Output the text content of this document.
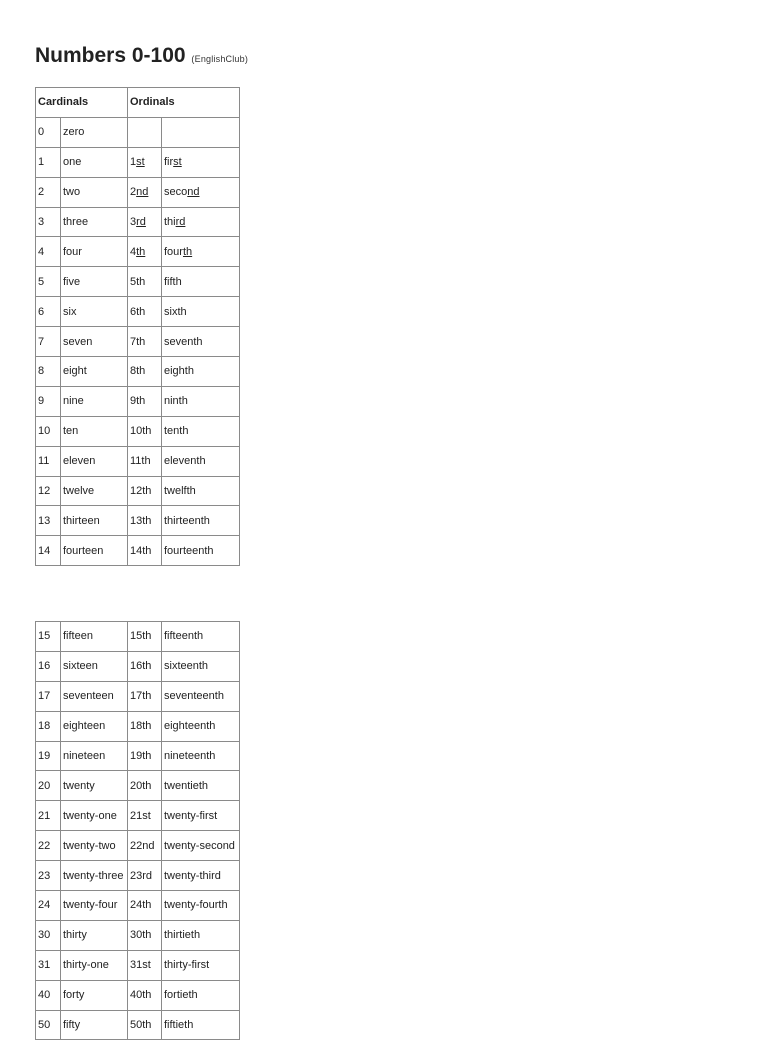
Numbers 0-100 (EnglishClub)
Cardinals		Ordinals	
0	zero		
1	one	1st	first
2	two	2nd	second
3	three	3rd	third
4	four	4th	fourth
5	five	5th	fifth
6	six	6th	sixth
7	seven	7th	seventh
8	eight	8th	eighth
9	nine	9th	ninth
10	ten	10th	tenth
11	eleven	11th	eleventh
12	twelve	12th	twelfth
13	thirteen	13th	thirteenth
14	fourteen	14th	fourteenth
15	fifteen	15th	fifteenth
16	sixteen	16th	sixteenth
17	seventeen	17th	seventeenth
18	eighteen	18th	eighteenth
19	nineteen	19th	nineteenth
20	twenty	20th	twentieth
21	twenty-one	21st	twenty-first
22	twenty-two	22nd	twenty-second
23	twenty-three	23rd	twenty-third
24	twenty-four	24th	twenty-fourth
30	thirty	30th	thirtieth
31	thirty-one	31st	thirty-first
40	forty	40th	fortieth
50	fifty	50th	fiftieth
